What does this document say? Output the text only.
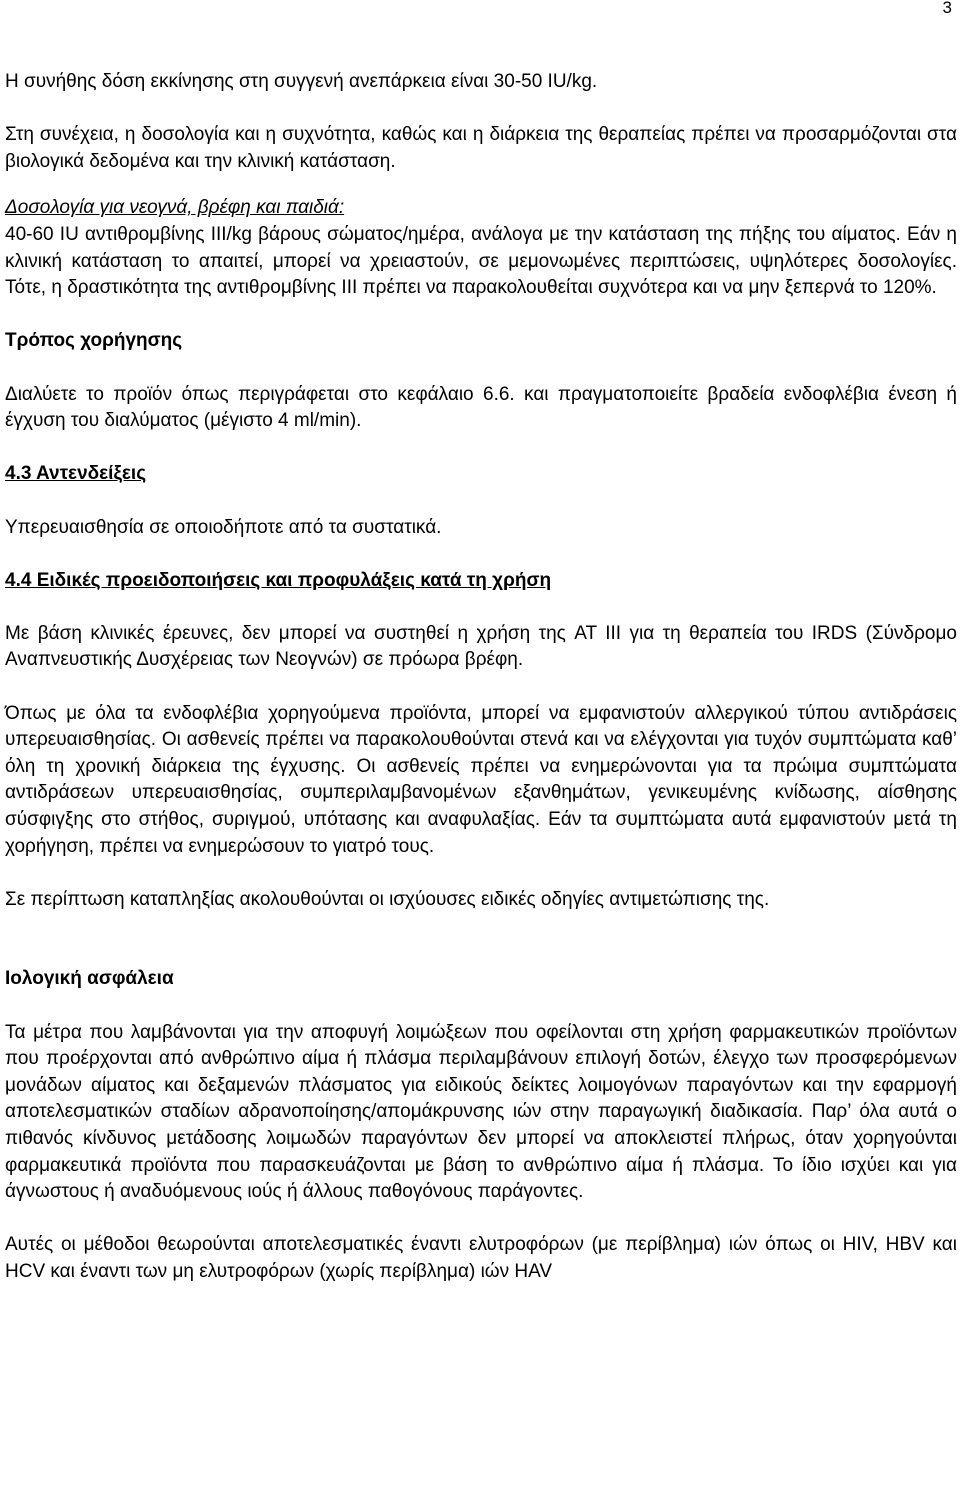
3

Η συνήθης δόση εκκίνησης στη συγγενή ανεπάρκεια είναι 30-50 IU/kg.

Στη συνέχεια, η δοσολογία και η συχνότητα, καθώς και η διάρκεια της θεραπείας πρέπει να προσαρμόζονται στα βιολογικά δεδομένα και την κλινική κατάσταση.

Δοσολογία για νεογνά, βρέφη και παιδιά:
40-60 IU αντιθρομβίνης III/kg βάρους σώματος/ημέρα, ανάλογα με την κατάσταση της πήξης του αίματος. Εάν η κλινική κατάσταση το απαιτεί, μπορεί να χρειαστούν, σε μεμονωμένες περιπτώσεις, υψηλότερες δοσολογίες. Τότε, η δραστικότητα της αντιθρομβίνης III πρέπει να παρακολουθείται συχνότερα και να μην ξεπερνά το 120%.

Τρόπος χορήγησης

Διαλύετε το προϊόν όπως περιγράφεται στο κεφάλαιο 6.6. και πραγματοποιείτε βραδεία ενδοφλέβια ένεση ή έγχυση του διαλύματος (μέγιστο 4 ml/min).

4.3 Αντενδείξεις

Υπερευαισθησία σε οποιοδήποτε από τα συστατικά.

4.4 Ειδικές προειδοποιήσεις και προφυλάξεις κατά τη χρήση

Με βάση κλινικές έρευνες, δεν μπορεί να συστηθεί η χρήση της AT III για τη θεραπεία του IRDS (Σύνδρομο Αναπνευστικής Δυσχέρειας των Νεογνών) σε πρόωρα βρέφη.

Όπως με όλα τα ενδοφλέβια χορηγούμενα προϊόντα, μπορεί να εμφανιστούν αλλεργικού τύπου αντιδράσεις υπερευαισθησίας. Οι ασθενείς πρέπει να παρακολουθούνται στενά και να ελέγχονται για τυχόν συμπτώματα καθ’ όλη τη χρονική διάρκεια της έγχυσης. Οι ασθενείς πρέπει να ενημερώνονται για τα πρώιμα συμπτώματα αντιδράσεων υπερευαισθησίας, συμπεριλαμβανομένων εξανθημάτων, γενικευμένης κνίδωσης, αίσθησης σύσφιγξης στο στήθος, συριγμού, υπότασης και αναφυλαξίας. Εάν τα συμπτώματα αυτά εμφανιστούν μετά τη χορήγηση, πρέπει να ενημερώσουν το γιατρό τους.

Σε περίπτωση καταπληξίας ακολουθούνται οι ισχύουσες ειδικές οδηγίες αντιμετώπισης της.

Ιολογική ασφάλεια

Τα μέτρα που λαμβάνονται για την αποφυγή λοιμώξεων που οφείλονται στη χρήση φαρμακευτικών προϊόντων που προέρχονται από ανθρώπινο αίμα ή πλάσμα περιλαμβάνουν επιλογή δοτών, έλεγχο των προσφερόμενων μονάδων αίματος και δεξαμενών πλάσματος για ειδικούς δείκτες λοιμογόνων παραγόντων και την εφαρμογή αποτελεσματικών σταδίων αδρανοποίησης/απομάκρυνσης ιών στην παραγωγική διαδικασία. Παρ’ όλα αυτά ο πιθανός κίνδυνος μετάδοσης λοιμωδών παραγόντων δεν μπορεί να αποκλειστεί πλήρως, όταν χορηγούνται φαρμακευτικά προϊόντα που παρασκευάζονται με βάση το ανθρώπινο αίμα ή πλάσμα. Το ίδιο ισχύει και για άγνωστους ή αναδυόμενους ιούς ή άλλους παθογόνους παράγοντες.

Αυτές οι μέθοδοι θεωρούνται αποτελεσματικές έναντι ελυτροφόρων (με περίβλημα) ιών όπως οι HIV, HBV και HCV και έναντι των μη ελυτροφόρων (χωρίς περίβλημα) ιών HAV
